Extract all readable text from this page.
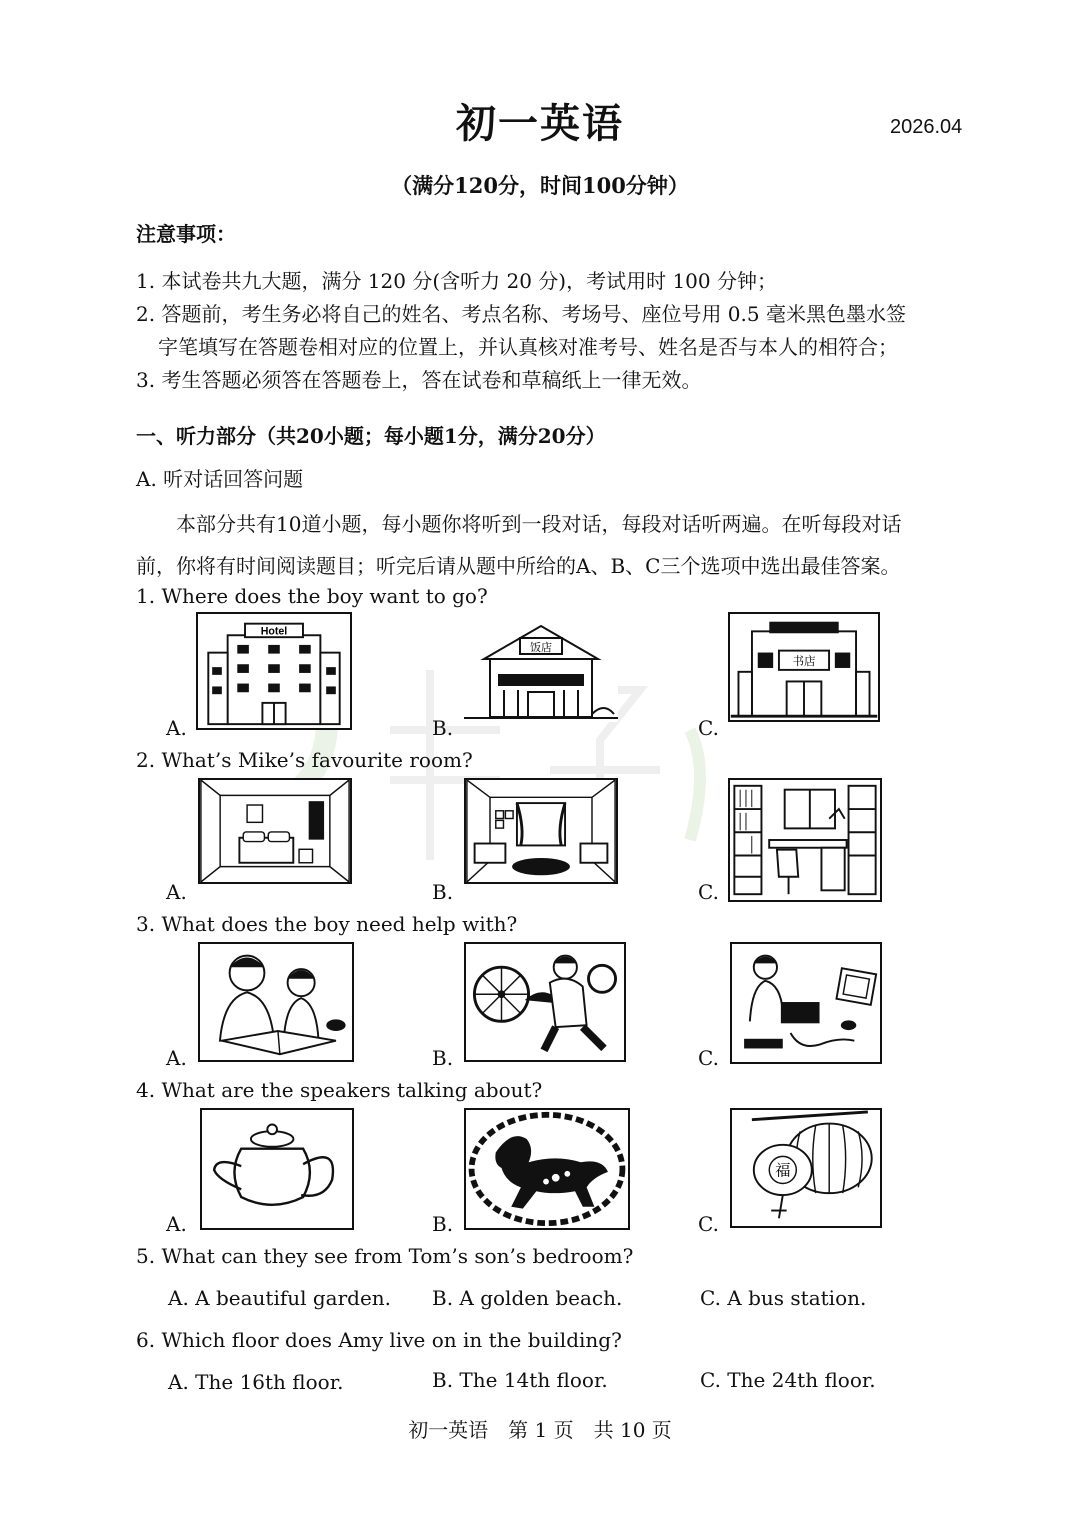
初一英语	2026.04
（满分120分，时间100分钟）
注意事项：
1. 本试卷共九大题，满分 120 分(含听力 20 分)，考试用时 100 分钟；
2. 答题前，考生务必将自己的姓名、考点名称、考场号、座位号用 0.5 毫米黑色墨水签
字笔填写在答题卷相对应的位置上，并认真核对准考号、姓名是否与本人的相符合；
3. 考生答题必须答在答题卷上，答在试卷和草稿纸上一律无效。
一、听力部分（共20小题；每小题1分，满分20分）
A. 听对话回答问题
本部分共有10道小题，每小题你将听到一段对话，每段对话听两遍。在听每段对话
前，你将有时间阅读题目；听完后请从题中所给的A、B、C三个选项中选出最佳答案。
1. Where does the boy want to go?
A.
Hotel
B.
饭店
C.
书店
2. What’s Mike’s favourite room?
A.	B.	C.
3. What does the boy need help with?
A.	B.	C.
4. What are the speakers talking about?
A.	B.	C.
福
5. What can they see from Tom’s son’s bedroom?
A. A beautiful garden. B. A golden beach.	C. A bus station.
6. Which floor does Amy live on in the building?
A. The 16th floor.	B. The 14th floor.	C. The 24th floor.
初一英语　第 1 页　共 10 页
